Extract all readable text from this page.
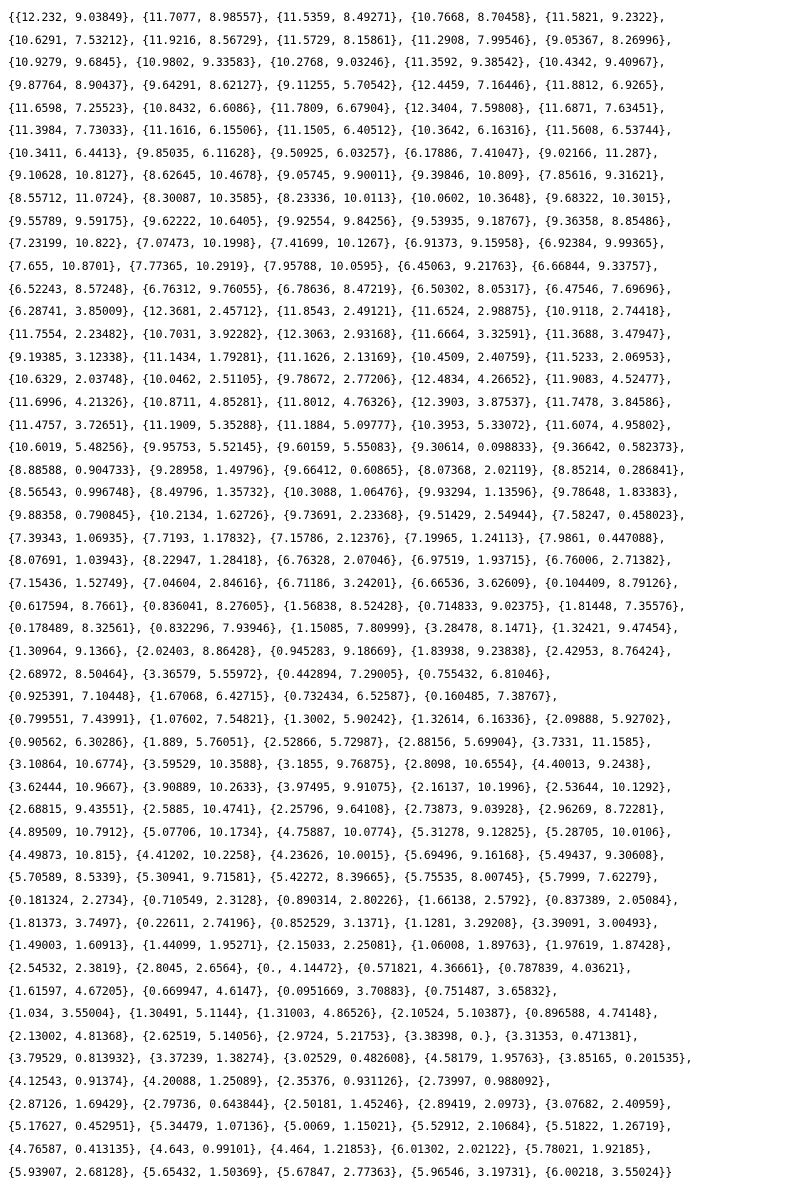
{{12.232, 9.03849}, {11.7077, 8.98557}, {11.5359, 8.49271}, {10.7668, 8.70458}, {11.5821, 9.2322},
{10.6291, 7.53212}, {11.9216, 8.56729}, {11.5729, 8.15861}, {11.2908, 7.99546}, {9.05367, 8.26996},
{10.9279, 9.6845}, {10.9802, 9.33583}, {10.2768, 9.03246}, {11.3592, 9.38542}, {10.4342, 9.40967},
{9.87764, 8.90437}, {9.64291, 8.62127}, {9.11255, 5.70542}, {12.4459, 7.16446}, {11.8812, 6.9265},
{11.6598, 7.25523}, {10.8432, 6.6086}, {11.7809, 6.67904}, {12.3404, 7.59808}, {11.6871, 7.63451},
{11.3984, 7.73033}, {11.1616, 6.15506}, {11.1505, 6.40512}, {10.3642, 6.16316}, {11.5608, 6.53744},
{10.3411, 6.4413}, {9.85035, 6.11628}, {9.50925, 6.03257}, {6.17886, 7.41047}, {9.02166, 11.287},
{9.10628, 10.8127}, {8.62645, 10.4678}, {9.05745, 9.90011}, {9.39846, 10.809}, {7.85616, 9.31621},
{8.55712, 11.0724}, {8.30087, 10.3585}, {8.23336, 10.0113}, {10.0602, 10.3648}, {9.68322, 10.3015},
{9.55789, 9.59175}, {9.62222, 10.6405}, {9.92554, 9.84256}, {9.53935, 9.18767}, {9.36358, 8.85486},
{7.23199, 10.822}, {7.07473, 10.1998}, {7.41699, 10.1267}, {6.91373, 9.15958}, {6.92384, 9.99365},
{7.655, 10.8701}, {7.77365, 10.2919}, {7.95788, 10.0595}, {6.45063, 9.21763}, {6.66844, 9.33757},
{6.52243, 8.57248}, {6.76312, 9.76055}, {6.78636, 8.47219}, {6.50302, 8.05317}, {6.47546, 7.69696},
{6.28741, 3.85009}, {12.3681, 2.45712}, {11.8543, 2.49121}, {11.6524, 2.98875}, {10.9118, 2.74418},
{11.7554, 2.23482}, {10.7031, 3.92282}, {12.3063, 2.93168}, {11.6664, 3.32591}, {11.3688, 3.47947},
{9.19385, 3.12338}, {11.1434, 1.79281}, {11.1626, 2.13169}, {10.4509, 2.40759}, {11.5233, 2.06953},
{10.6329, 2.03748}, {10.0462, 2.51105}, {9.78672, 2.77206}, {12.4834, 4.26652}, {11.9083, 4.52477},
{11.6996, 4.21326}, {10.8711, 4.85281}, {11.8012, 4.76326}, {12.3903, 3.87537}, {11.7478, 3.84586},
{11.4757, 3.72651}, {11.1909, 5.35288}, {11.1884, 5.09777}, {10.3953, 5.33072}, {11.6074, 4.95802},
{10.6019, 5.48256}, {9.95753, 5.52145}, {9.60159, 5.55083}, {9.30614, 0.098833}, {9.36642, 0.582373},
{8.88588, 0.904733}, {9.28958, 1.49796}, {9.66412, 0.60865}, {8.07368, 2.02119}, {8.85214, 0.286841},
{8.56543, 0.996748}, {8.49796, 1.35732}, {10.3088, 1.06476}, {9.93294, 1.13596}, {9.78648, 1.83383},
{9.88358, 0.790845}, {10.2134, 1.62726}, {9.73691, 2.23368}, {9.51429, 2.54944}, {7.58247, 0.458023},
{7.39343, 1.06935}, {7.7193, 1.17832}, {7.15786, 2.12376}, {7.19965, 1.24113}, {7.9861, 0.447088},
{8.07691, 1.03943}, {8.22947, 1.28418}, {6.76328, 2.07046}, {6.97519, 1.93715}, {6.76006, 2.71382},
{7.15436, 1.52749}, {7.04604, 2.84616}, {6.71186, 3.24201}, {6.66536, 3.62609}, {0.104409, 8.79126},
{0.617594, 8.7661}, {0.836041, 8.27605}, {1.56838, 8.52428}, {0.714833, 9.02375}, {1.81448, 7.35576},
{0.178489, 8.32561}, {0.832296, 7.93946}, {1.15085, 7.80999}, {3.28478, 8.1471}, {1.32421, 9.47454},
{1.30964, 9.1366}, {2.02403, 8.86428}, {0.945283, 9.18669}, {1.83938, 9.23838}, {2.42953, 8.76424},
{2.68972, 8.50464}, {3.36579, 5.55972}, {0.442894, 7.29005}, {0.755432, 6.81046},
{0.925391, 7.10448}, {1.67068, 6.42715}, {0.732434, 6.52587}, {0.160485, 7.38767},
{0.799551, 7.43991}, {1.07602, 7.54821}, {1.3002, 5.90242}, {1.32614, 6.16336}, {2.09888, 5.92702},
{0.90562, 6.30286}, {1.889, 5.76051}, {2.52866, 5.72987}, {2.88156, 5.69904}, {3.7331, 11.1585},
{3.10864, 10.6774}, {3.59529, 10.3588}, {3.1855, 9.76875}, {2.8098, 10.6554}, {4.40013, 9.2438},
{3.62444, 10.9667}, {3.90889, 10.2633}, {3.97495, 9.91075}, {2.16137, 10.1996}, {2.53644, 10.1292},
{2.68815, 9.43551}, {2.5885, 10.4741}, {2.25796, 9.64108}, {2.73873, 9.03928}, {2.96269, 8.72281},
{4.89509, 10.7912}, {5.07706, 10.1734}, {4.75887, 10.0774}, {5.31278, 9.12825}, {5.28705, 10.0106},
{4.49873, 10.815}, {4.41202, 10.2258}, {4.23626, 10.0015}, {5.69496, 9.16168}, {5.49437, 9.30608},
{5.70589, 8.5339}, {5.30941, 9.71581}, {5.42272, 8.39665}, {5.75535, 8.00745}, {5.7999, 7.62279},
{0.181324, 2.2734}, {0.710549, 2.3128}, {0.890314, 2.80226}, {1.66138, 2.5792}, {0.837389, 2.05084},
{1.81373, 3.7497}, {0.22611, 2.74196}, {0.852529, 3.1371}, {1.1281, 3.29208}, {3.39091, 3.00493},
{1.49003, 1.60913}, {1.44099, 1.95271}, {2.15033, 2.25081}, {1.06008, 1.89763}, {1.97619, 1.87428},
{2.54532, 2.3819}, {2.8045, 2.6564}, {0., 4.14472}, {0.571821, 4.36661}, {0.787839, 4.03621},
{1.61597, 4.67205}, {0.669947, 4.6147}, {0.0951669, 3.70883}, {0.751487, 3.65832},
{1.034, 3.55004}, {1.30491, 5.1144}, {1.31003, 4.86526}, {2.10524, 5.10387}, {0.896588, 4.74148},
{2.13002, 4.81368}, {2.62519, 5.14056}, {2.9724, 5.21753}, {3.38398, 0.}, {3.31353, 0.471381},
{3.79529, 0.813932}, {3.37239, 1.38274}, {3.02529, 0.482608}, {4.58179, 1.95763}, {3.85165, 0.201535},
{4.12543, 0.91374}, {4.20088, 1.25089}, {2.35376, 0.931126}, {2.73997, 0.988092},
{2.87126, 1.69429}, {2.79736, 0.643844}, {2.50181, 1.45246}, {2.89419, 2.0973}, {3.07682, 2.40959},
{5.17627, 0.452951}, {5.34479, 1.07136}, {5.0069, 1.15021}, {5.52912, 2.10684}, {5.51822, 1.26719},
{4.76587, 0.413135}, {4.643, 0.99101}, {4.464, 1.21853}, {6.01302, 2.02122}, {5.78021, 1.92185},
{5.93907, 2.68128}, {5.65432, 1.50369}, {5.67847, 2.77363}, {5.96546, 3.19731}, {6.00218, 3.55024}}
